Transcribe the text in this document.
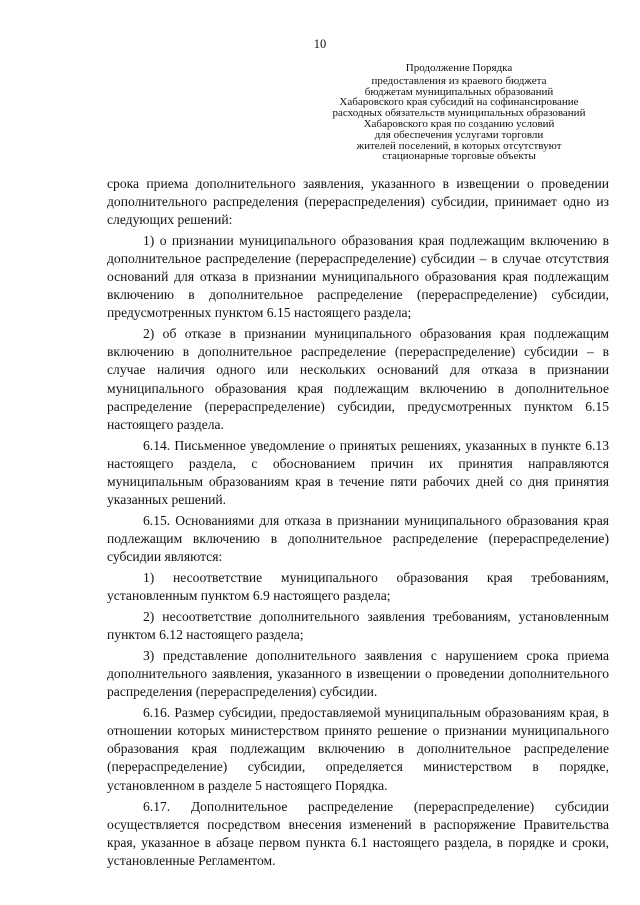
10
Продолжение Порядка
предоставления из краевого бюджета
бюджетам муниципальных образований
Хабаровского края субсидий на софинансирование
расходных обязательств муниципальных образований
Хабаровского края по созданию условий
для обеспечения услугами торговли
жителей поселений, в которых отсутствуют
стационарные торговые объекты

срока приема дополнительного заявления, указанного в извещении о проведении дополнительного распределения (перераспределения) субсидии, принимает одно из следующих решений:

1) о признании муниципального образования края подлежащим включению в дополнительное распределение (перераспределение) субсидии – в случае отсутствия оснований для отказа в признании муниципального образования края подлежащим включению в дополнительное распределение (перераспределение) субсидии, предусмотренных пунктом 6.15 настоящего раздела;

2) об отказе в признании муниципального образования края подлежащим включению в дополнительное распределение (перераспределение) субсидии – в случае наличия одного или нескольких оснований для отказа в признании муниципального образования края подлежащим включению в дополнительное распределение (перераспределение) субсидии, предусмотренных пунктом 6.15 настоящего раздела.

6.14. Письменное уведомление о принятых решениях, указанных в пункте 6.13 настоящего раздела, с обоснованием причин их принятия направляются муниципальным образованиям края в течение пяти рабочих дней со дня принятия указанных решений.

6.15. Основаниями для отказа в признании муниципального образования края подлежащим включению в дополнительное распределение (перераспределение) субсидии являются:

1) несоответствие муниципального образования края требованиям, установленным пунктом 6.9 настоящего раздела;

2) несоответствие дополнительного заявления требованиям, установленным пунктом 6.12 настоящего раздела;

3) представление дополнительного заявления с нарушением срока приема дополнительного заявления, указанного в извещении о проведении дополнительного распределения (перераспределения) субсидии.

6.16. Размер субсидии, предоставляемой муниципальным образованиям края, в отношении которых министерством принято решение о признании муниципального образования края подлежащим включению в дополнительное распределение (перераспределение) субсидии, определяется министерством в порядке, установленном в разделе 5 настоящего Порядка.

6.17. Дополнительное распределение (перераспределение) субсидии осуществляется посредством внесения изменений в распоряжение Правительства края, указанное в абзаце первом пункта 6.1 настоящего раздела, в порядке и сроки, установленные Регламентом.
